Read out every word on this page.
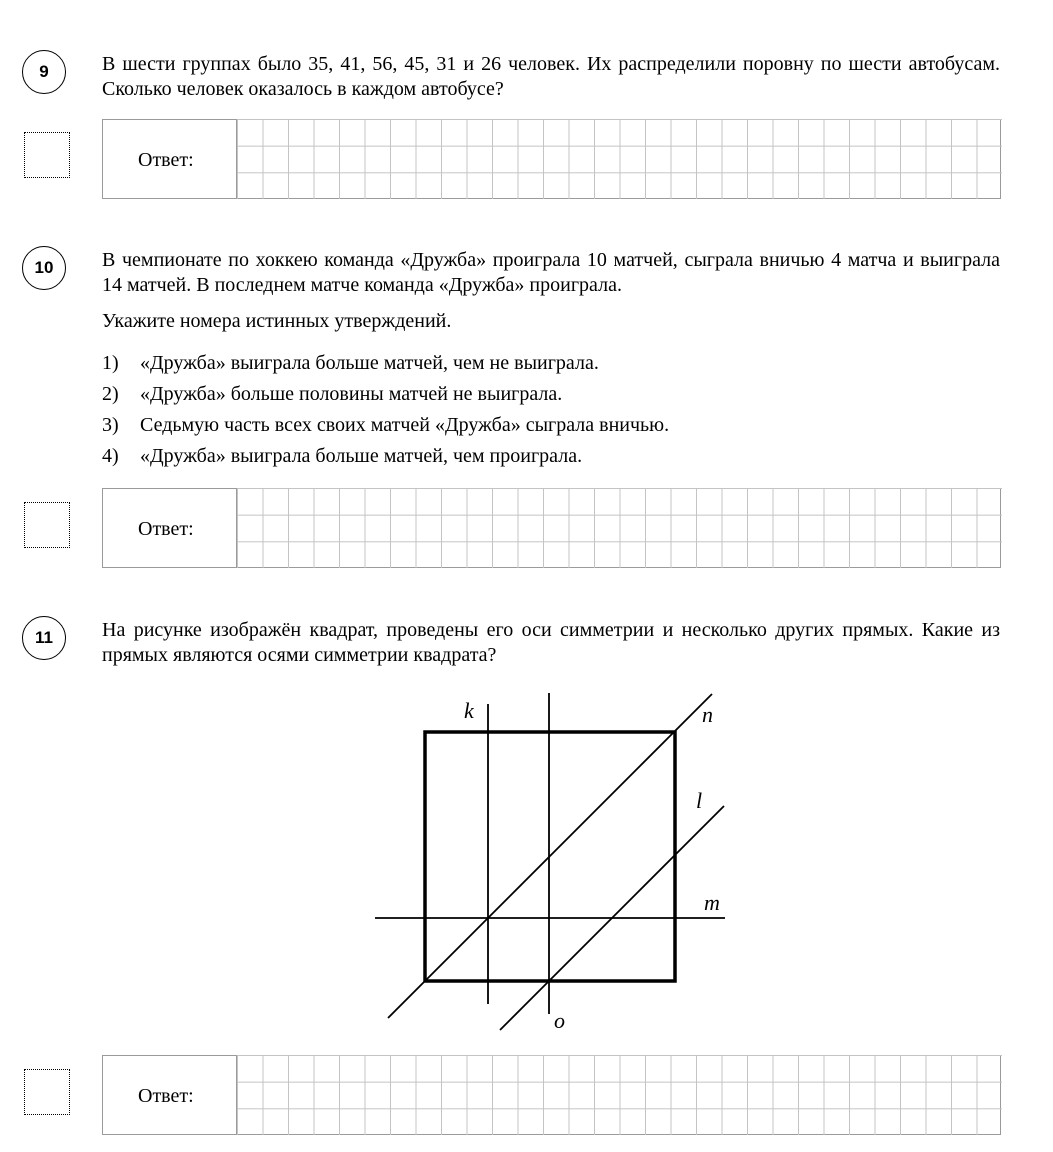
9	В шести группах было 35, 41, 56, 45, 31 и 26 человек. Их распределили поровну по шести автобусам. Сколько человек оказалось в каждом автобусе?
Ответ:
10	В чемпионате по хоккею команда «Дружба» проиграла 10 матчей, сыграла вничью 4 матча и выиграла 14 матчей. В последнем матче команда «Дружба» проиграла.
Укажите номера истинных утверждений.
1) «Дружба» выиграла больше матчей, чем не выиграла.
2) «Дружба» больше половины матчей не выиграла.
3) Седьмую часть всех своих матчей «Дружба» сыграла вничью.
4) «Дружба» выиграла больше матчей, чем проиграла.
Ответ:
11	На рисунке изображён квадрат, проведены его оси симметрии и несколько других прямых. Какие из прямых являются осями симметрии квадрата?
k	n
l
m
o
Ответ:
